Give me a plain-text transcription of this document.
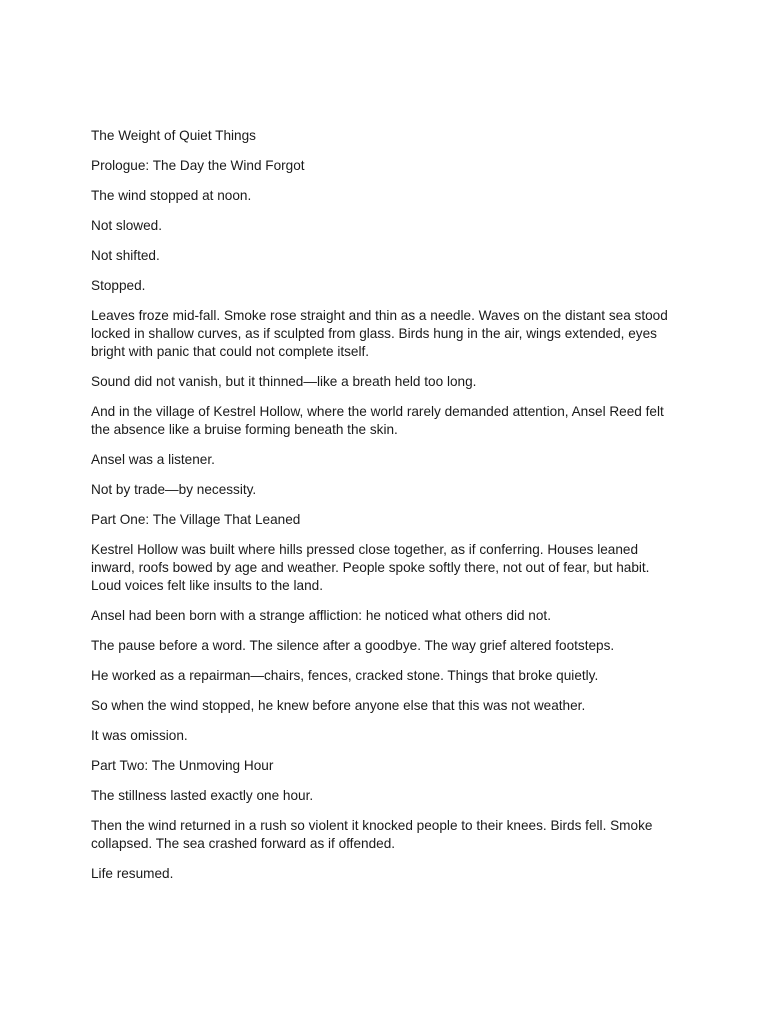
The Weight of Quiet Things

Prologue: The Day the Wind Forgot

The wind stopped at noon.

Not slowed.

Not shifted.

Stopped.

Leaves froze mid-fall. Smoke rose straight and thin as a needle. Waves on the distant sea stood locked in shallow curves, as if sculpted from glass. Birds hung in the air, wings extended, eyes bright with panic that could not complete itself.

Sound did not vanish, but it thinned—like a breath held too long.

And in the village of Kestrel Hollow, where the world rarely demanded attention, Ansel Reed felt the absence like a bruise forming beneath the skin.

Ansel was a listener.

Not by trade—by necessity.

Part One: The Village That Leaned

Kestrel Hollow was built where hills pressed close together, as if conferring. Houses leaned inward, roofs bowed by age and weather. People spoke softly there, not out of fear, but habit. Loud voices felt like insults to the land.

Ansel had been born with a strange affliction: he noticed what others did not.

The pause before a word. The silence after a goodbye. The way grief altered footsteps.

He worked as a repairman—chairs, fences, cracked stone. Things that broke quietly.

So when the wind stopped, he knew before anyone else that this was not weather.

It was omission.

Part Two: The Unmoving Hour

The stillness lasted exactly one hour.

Then the wind returned in a rush so violent it knocked people to their knees. Birds fell. Smoke collapsed. The sea crashed forward as if offended.

Life resumed.
